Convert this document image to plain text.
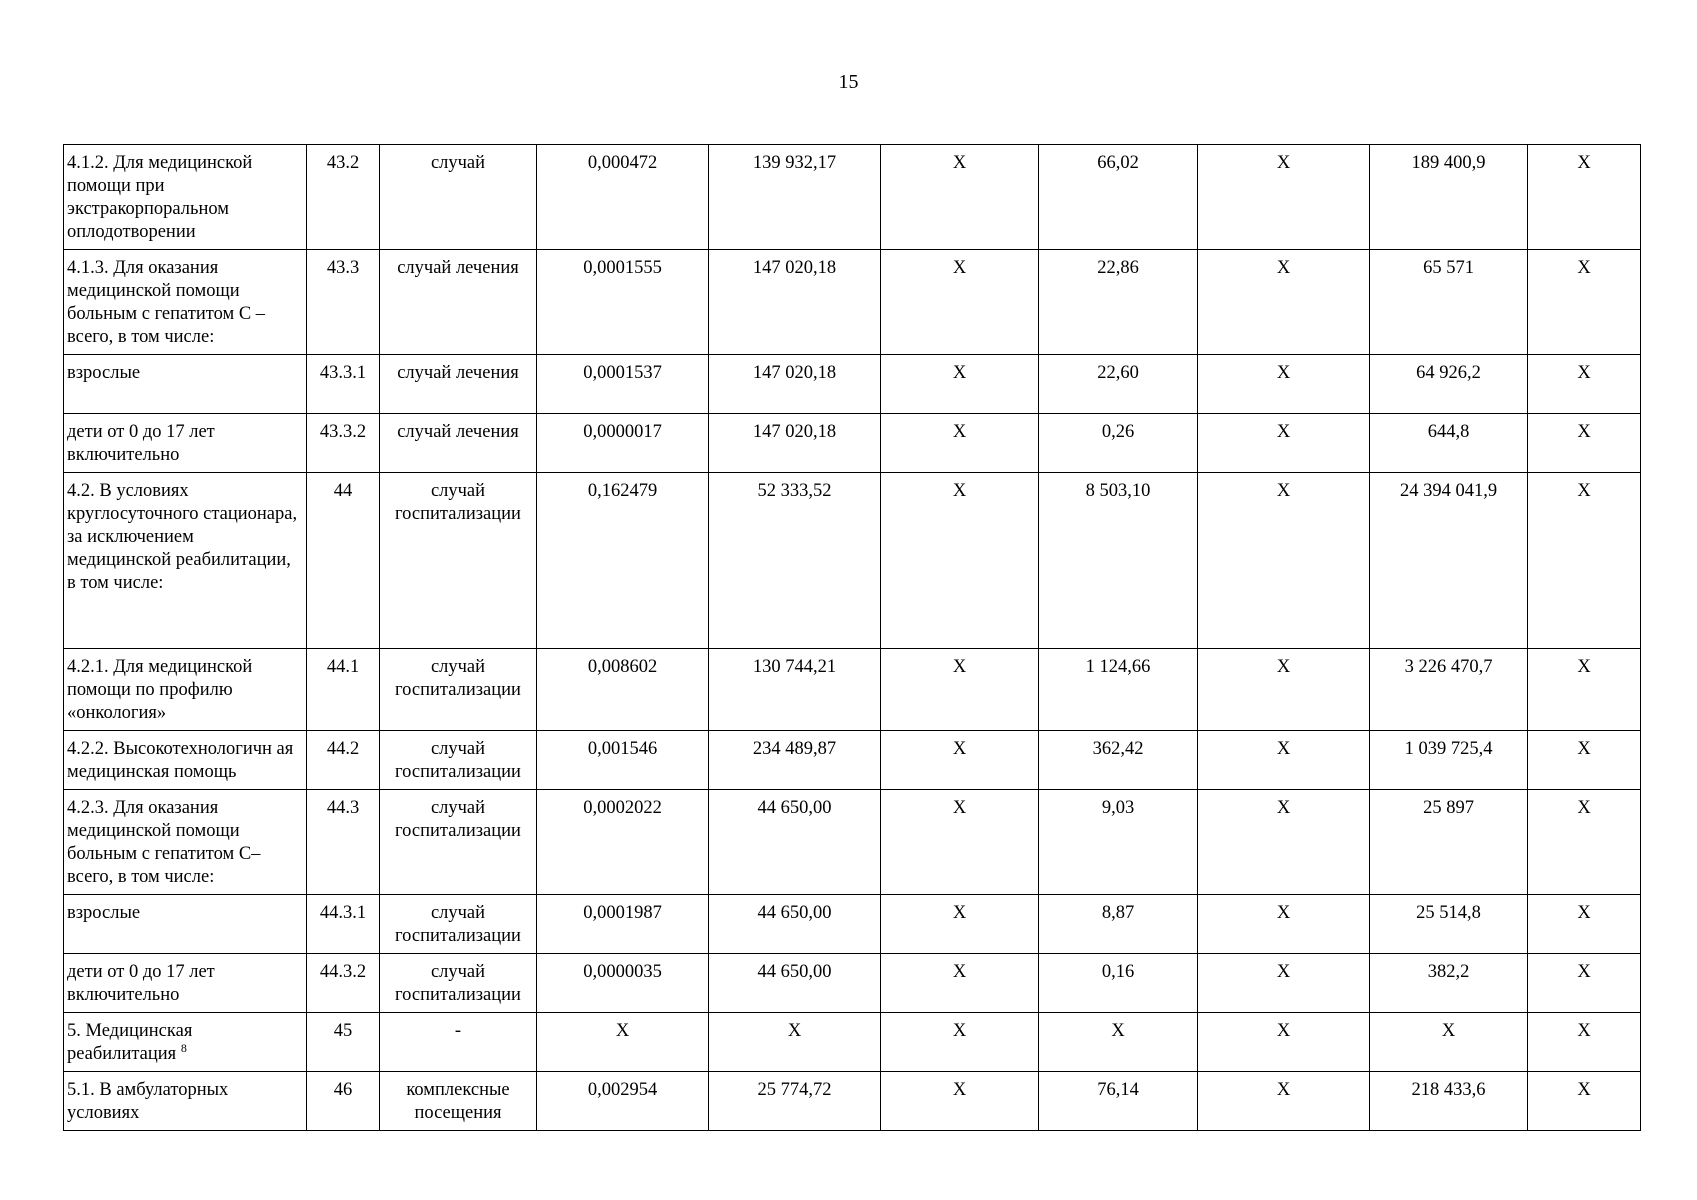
15
4.1.2. Для медицинской помощи при экстракорпоральном оплодотворении	43.2	случай	0,000472	139 932,17	Х	66,02	Х	189 400,9	Х
4.1.3. Для оказания медицинской помощи больным с гепатитом С – всего, в том числе:	43.3	случай лечения	0,0001555	147 020,18	Х	22,86	Х	65 571	Х
взрослые	43.3.1	случай лечения	0,0001537	147 020,18	Х	22,60	Х	64 926,2	Х
дети от 0 до 17 лет включительно	43.3.2	случай лечения	0,0000017	147 020,18	Х	0,26	Х	644,8	Х
4.2. В условиях круглосуточного стационара, за исключением медицинской реабилитации, в том числе:	44	случай госпитализации	0,162479	52 333,52	Х	8 503,10	Х	24 394 041,9	Х
4.2.1. Для медицинской помощи по профилю «онкология»	44.1	случай госпитализации	0,008602	130 744,21	Х	1 124,66	Х	3 226 470,7	Х
4.2.2. Высокотехнологичн ая медицинская помощь	44.2	случай госпитализации	0,001546	234 489,87	Х	362,42	Х	1 039 725,4	Х
4.2.3. Для оказания медицинской помощи больным с гепатитом С– всего, в том числе:	44.3	случай госпитализации	0,0002022	44 650,00	Х	9,03	Х	25 897	Х
взрослые	44.3.1	случай госпитализации	0,0001987	44 650,00	Х	8,87	Х	25 514,8	Х
дети от 0 до 17 лет включительно	44.3.2	случай госпитализации	0,0000035	44 650,00	Х	0,16	Х	382,2	Х
5. Медицинская реабилитация $^8$	45	-	Х	Х	Х	Х	Х	Х	Х
5.1. В амбулаторных условиях	46	комплексные посещения	0,002954	25 774,72	Х	76,14	Х	218 433,6	Х
